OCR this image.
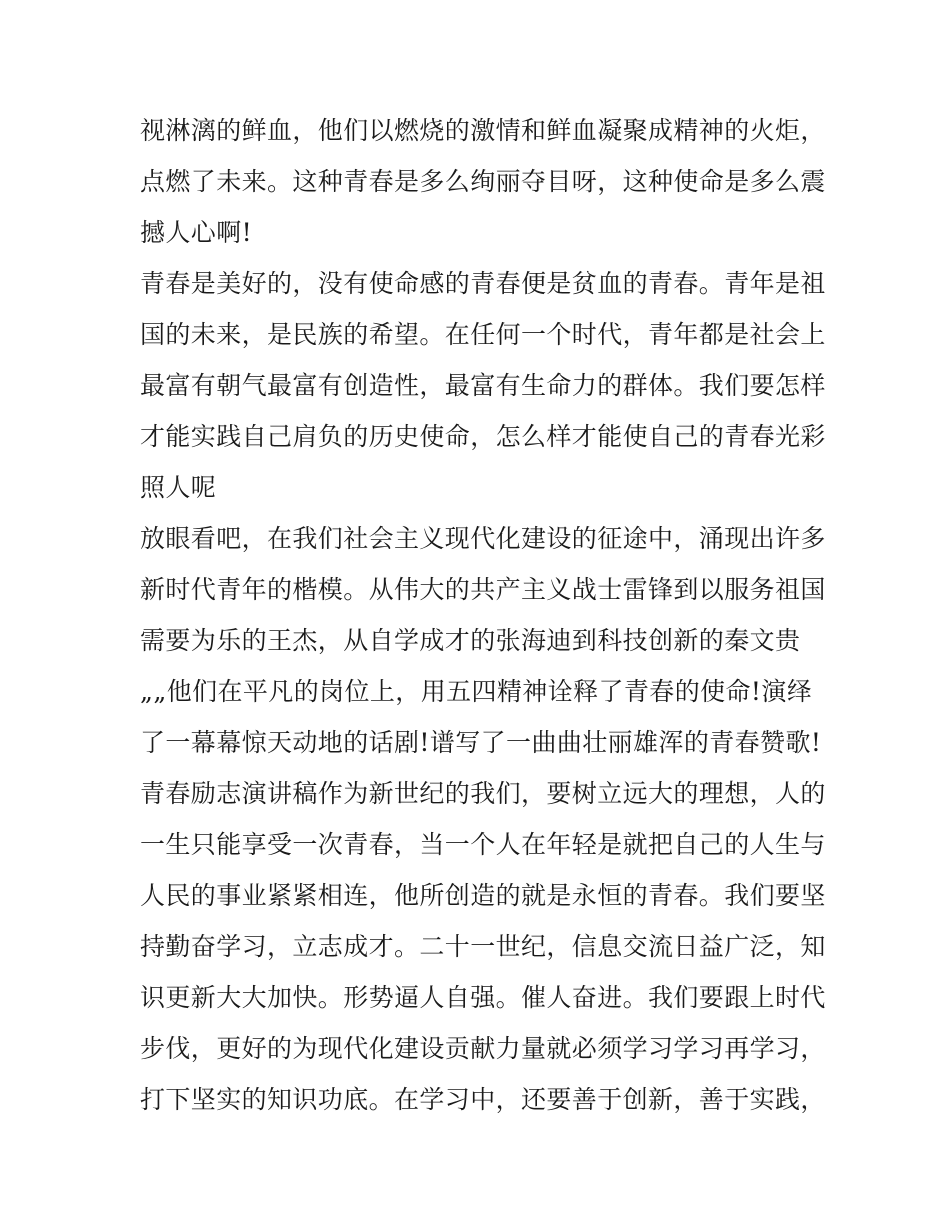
视淋漓的鲜血，他们以燃烧的激情和鲜血凝聚成精神的火炬，
点燃了未来。这种青春是多么绚丽夺目呀，这种使命是多么震
撼人心啊!
青春是美好的，没有使命感的青春便是贫血的青春。青年是祖
国的未来，是民族的希望。在任何一个时代，青年都是社会上
最富有朝气最富有创造性，最富有生命力的群体。我们要怎样
才能实践自己肩负的历史使命，怎么样才能使自己的青春光彩
照人呢
放眼看吧，在我们社会主义现代化建设的征途中，涌现出许多
新时代青年的楷模。从伟大的共产主义战士雷锋到以服务祖国
需要为乐的王杰，从自学成才的张海迪到科技创新的秦文贵
„„他们在平凡的岗位上，用五四精神诠释了青春的使命!演绎
了一幕幕惊天动地的话剧!谱写了一曲曲壮丽雄浑的青春赞歌!
青春励志演讲稿作为新世纪的我们，要树立远大的理想，人的
一生只能享受一次青春，当一个人在年轻是就把自己的人生与
人民的事业紧紧相连，他所创造的就是永恒的青春。我们要坚
持勤奋学习，立志成才。二十一世纪，信息交流日益广泛，知
识更新大大加快。形势逼人自强。催人奋进。我们要跟上时代
步伐，更好的为现代化建设贡献力量就必须学习学习再学习，
打下坚实的知识功底。在学习中，还要善于创新，善于实践，
